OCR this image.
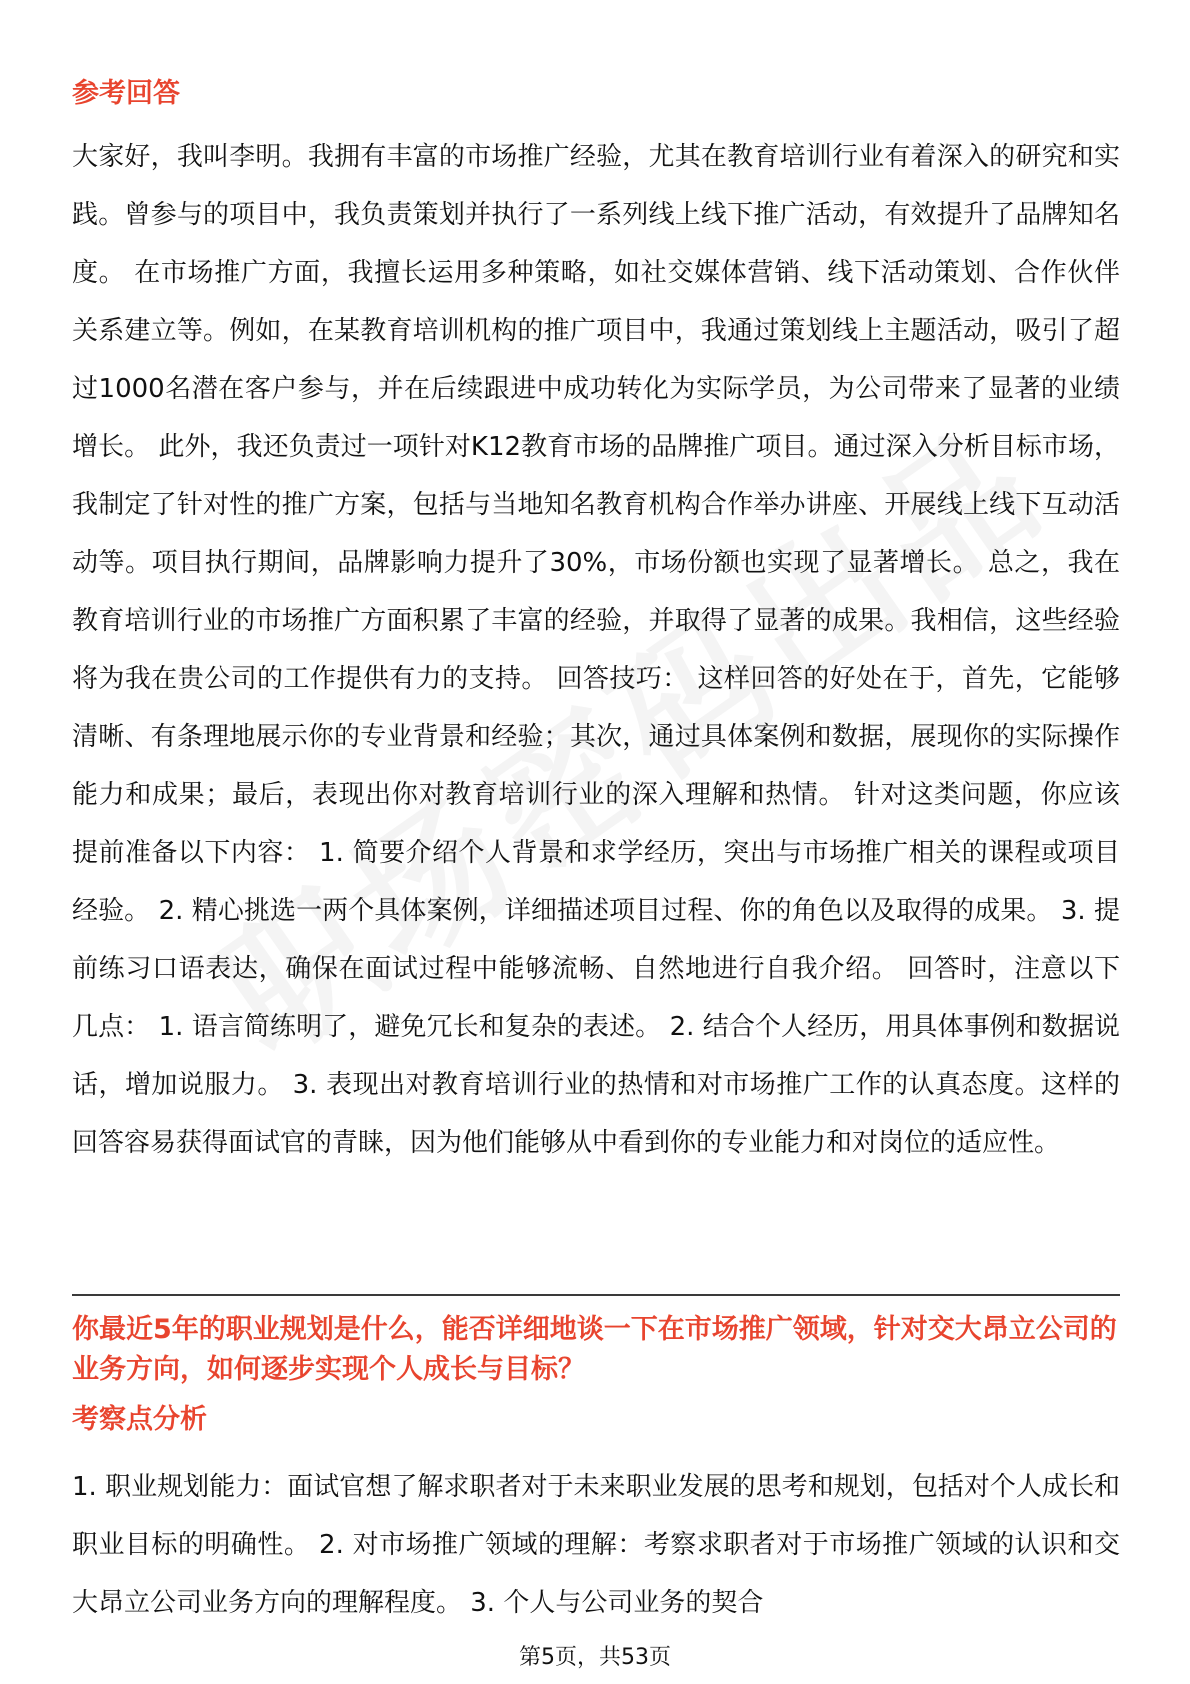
参考回答

大家好，我叫李明。我拥有丰富的市场推广经验，尤其在教育培训行业有着深入的研究和实践。曾参与的项目中，我负责策划并执行了一系列线上线下推广活动，有效提升了品牌知名度。 在市场推广方面，我擅长运用多种策略，如社交媒体营销、线下活动策划、合作伙伴关系建立等。例如，在某教育培训机构的推广项目中，我通过策划线上主题活动，吸引了超过1000名潜在客户参与，并在后续跟进中成功转化为实际学员，为公司带来了显著的业绩增长。 此外，我还负责过一项针对K12教育市场的品牌推广项目。通过深入分析目标市场，我制定了针对性的推广方案，包括与当地知名教育机构合作举办讲座、开展线上线下互动活动等。项目执行期间，品牌影响力提升了30%，市场份额也实现了显著增长。 总之，我在教育培训行业的市场推广方面积累了丰富的经验，并取得了显著的成果。我相信，这些经验将为我在贵公司的工作提供有力的支持。 回答技巧： 这样回答的好处在于，首先，它能够清晰、有条理地展示你的专业背景和经验；其次，通过具体案例和数据，展现你的实际操作能力和成果；最后，表现出你对教育培训行业的深入理解和热情。 针对这类问题，你应该提前准备以下内容： 1. 简要介绍个人背景和求学经历，突出与市场推广相关的课程或项目经验。 2. 精心挑选一两个具体案例，详细描述项目过程、你的角色以及取得的成果。 3. 提前练习口语表达，确保在面试过程中能够流畅、自然地进行自我介绍。 回答时，注意以下几点： 1. 语言简练明了，避免冗长和复杂的表述。 2. 结合个人经历，用具体事例和数据说话，增加说服力。 3. 表现出对教育培训行业的热情和对市场推广工作的认真态度。这样的回答容易获得面试官的青睐，因为他们能够从中看到你的专业能力和对岗位的适应性。

你最近5年的职业规划是什么，能否详细地谈一下在市场推广领域，针对交大昂立公司的业务方向，如何逐步实现个人成长与目标？

考察点分析

1. 职业规划能力：面试官想了解求职者对于未来职业发展的思考和规划，包括对个人成长和职业目标的明确性。 2. 对市场推广领域的理解：考察求职者对于市场推广领域的认识和交大昂立公司业务方向的理解程度。 3. 个人与公司业务的契合

第5页，共53页
